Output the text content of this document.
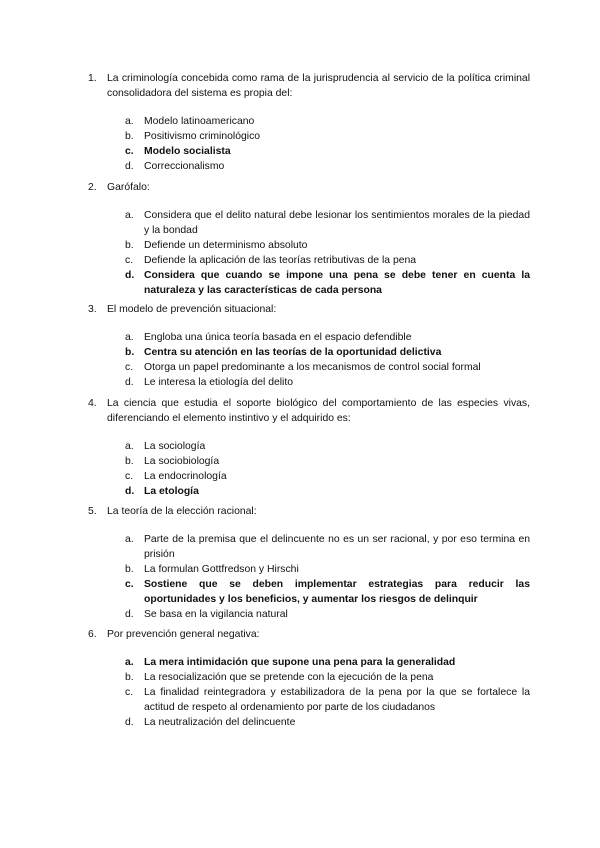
1. La criminología concebida como rama de la jurisprudencia al servicio de la política criminal consolidadora del sistema es propia del:
a. Modelo latinoamericano
b. Positivismo criminológico
c. Modelo socialista
d. Correccionalismo
2. Garófalo:
a. Considera que el delito natural debe lesionar los sentimientos morales de la piedad y la bondad
b. Defiende un determinismo absoluto
c.	Defiende la aplicación de las teorías retributivas de la pena
d. Considera que cuando se impone una pena se debe tener en cuenta la naturaleza y las características de cada persona
3. El modelo de prevención situacional:
a. Engloba una única teoría basada en el espacio defendible
b. Centra su atención en las teorías de la oportunidad delictiva
c.	Otorga un papel predominante a los mecanismos de control social formal
d. Le interesa la etiología del delito
4. La ciencia que estudia el soporte biológico del comportamiento de las especies vivas, diferenciando el elemento instintivo y el adquirido es:
a. La sociología
b. La sociobiología
c.	La endocrinología
d. La etología
5. La teoría de la elección racional:
a. Parte de la premisa que el delincuente no es un ser racional, y por eso termina en prisión
b. La formulan Gottfredson y Hirschi
c. Sostiene que se deben implementar estrategias para reducir las oportunidades y los beneficios, y aumentar los riesgos de delinquir
d. Se basa en la vigilancia natural
6. Por prevención general negativa:
a. La mera intimidación que supone una pena para la generalidad
b. La resocialización que se pretende con la ejecución de la pena
c.	La finalidad reintegradora y estabilizadora de la pena por la que se fortalece la actitud de respeto al ordenamiento por parte de los ciudadanos
d. La neutralización del delincuente
